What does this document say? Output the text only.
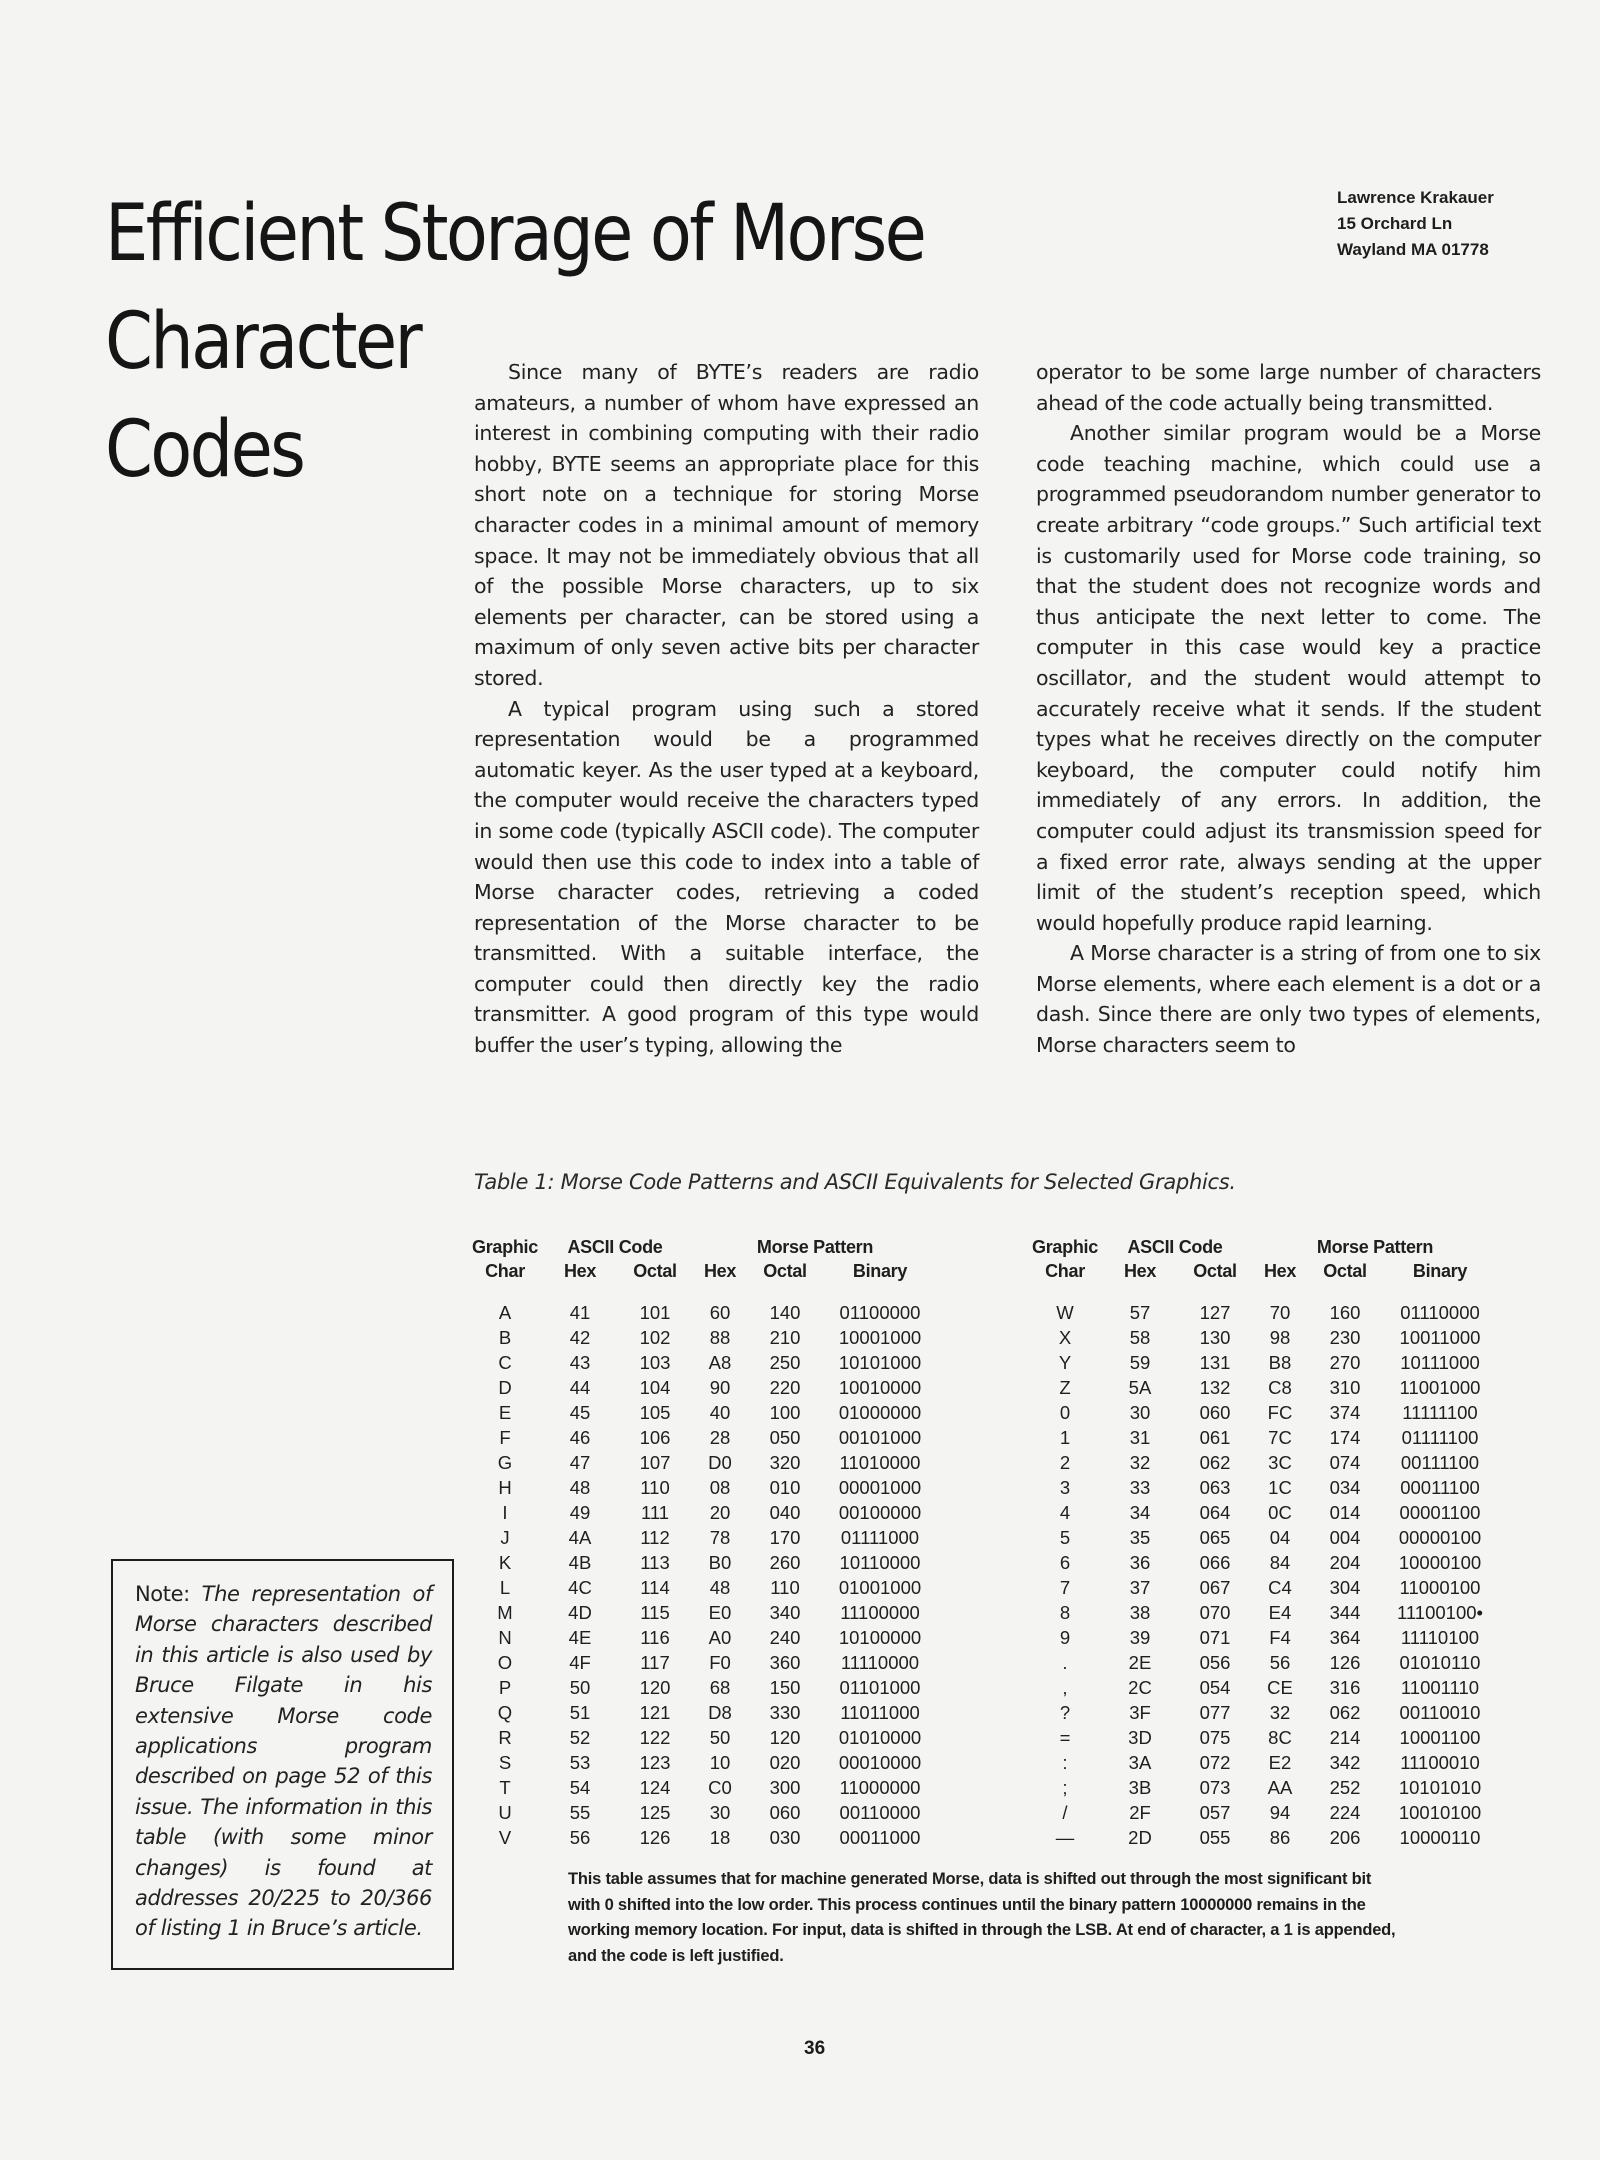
Efficient Storage of Morse
Character
Codes
Lawrence Krakauer
15 Orchard Ln
Wayland MA 01778

Since many of BYTE’s readers are radio amateurs, a number of whom have expressed an interest in combining computing with their radio hobby, BYTE seems an appropriate place for this short note on a technique for storing Morse character codes in a minimal amount of memory space. It may not be immediately obvious that all of the possible Morse characters, up to six elements per character, can be stored using a maximum of only seven active bits per character stored.

A typical program using such a stored representation would be a programmed automatic keyer. As the user typed at a keyboard, the computer would receive the characters typed in some code (typically ASCII code). The computer would then use this code to index into a table of Morse character codes, retrieving a coded representation of the Morse character to be transmitted. With a suitable interface, the computer could then directly key the radio transmitter. A good program of this type would buffer the user’s typing, allowing the

operator to be some large number of characters ahead of the code actually being transmitted.

Another similar program would be a Morse code teaching machine, which could use a programmed pseudorandom number generator to create arbitrary “code groups.” Such artificial text is customarily used for Morse code training, so that the student does not recognize words and thus anticipate the next letter to come. The computer in this case would key a practice oscillator, and the student would attempt to accurately receive what it sends. If the student types what he receives directly on the computer keyboard, the computer could notify him immediately of any errors. In addition, the computer could adjust its transmission speed for a fixed error rate, always sending at the upper limit of the student’s reception speed, which would hopefully produce rapid learning.

A Morse character is a string of from one to six Morse elements, where each element is a dot or a dash. Since there are only two types of elements, Morse characters seem to

Table 1: Morse Code Patterns and ASCII Equivalents for Selected Graphics.
Graphic	ASCII Code		Morse Pattern		
Char	Hex	Octal	Hex	Octal	Binary

A	41	101	60	140	01100000
B	42	102	88	210	10001000
C	43	103	A8	250	10101000
D	44	104	90	220	10010000
E	45	105	40	100	01000000
F	46	106	28	050	00101000
G	47	107	D0	320	11010000
H	48	110	08	010	00001000
I	49	111	20	040	00100000
J	4A	112	78	170	01111000
K	4B	113	B0	260	10110000
L	4C	114	48	110	01001000
M	4D	115	E0	340	11100000
N	4E	116	A0	240	10100000
O	4F	117	F0	360	11110000
P	50	120	68	150	01101000
Q	51	121	D8	330	11011000
R	52	122	50	120	01010000
S	53	123	10	020	00010000
T	54	124	C0	300	11000000
U	55	125	30	060	00110000
V	56	126	18	030	00011000
Graphic	ASCII Code		Morse Pattern		
Char	Hex	Octal	Hex	Octal	Binary

W	57	127	70	160	01110000
X	58	130	98	230	10011000
Y	59	131	B8	270	10111000
Z	5A	132	C8	310	11001000
0	30	060	FC	374	11111100
1	31	061	7C	174	01111100
2	32	062	3C	074	00111100
3	33	063	1C	034	00011100
4	34	064	0C	014	00001100
5	35	065	04	004	00000100
6	36	066	84	204	10000100
7	37	067	C4	304	11000100
8	38	070	E4	344	11100100•
9	39	071	F4	364	11110100
.	2E	056	56	126	01010110
,	2C	054	CE	316	11001110
?	3F	077	32	062	00110010
=	3D	075	8C	214	10001100
:	3A	072	E2	342	11100010
;	3B	073	AA	252	10101010
/	2F	057	94	224	10010100
—	2D	055	86	206	10000110
This table assumes that for machine generated Morse, data is shifted out through the most significant bit with 0 shifted into the low order. This process continues until the binary pattern 10000000 remains in the working memory location. For input, data is shifted in through the LSB. At end of character, a 1 is appended, and the code is left justified.
Note: The representation of Morse characters described in this article is also used by Bruce Filgate in his extensive Morse code applications program described on page 52 of this issue. The information in this table (with some minor changes) is found at addresses 20/225 to 20/366 of listing 1 in Bruce’s article.
36
